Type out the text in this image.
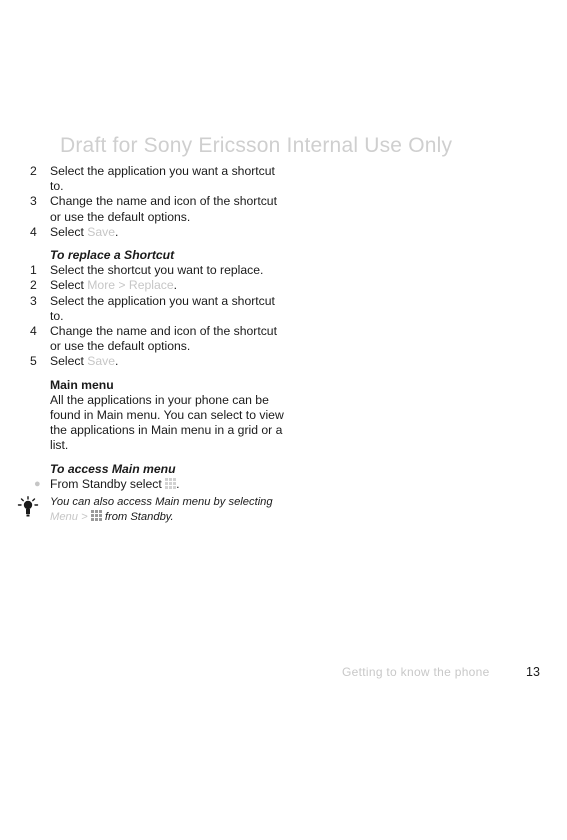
Draft for Sony Ericsson Internal Use Only
2 Select the application you want a shortcut to.
3 Change the name and icon of the shortcut or use the default options.
4 Select Save.
To replace a Shortcut
1 Select the shortcut you want to replace.
2 Select More > Replace.
3 Select the application you want a shortcut to.
4 Change the name and icon of the shortcut or use the default options.
5 Select Save.
Main menu
All the applications in your phone can be found in Main menu. You can select to view the applications in Main menu in a grid or a list.
To access Main menu
● From Standby select .
You can also access Main menu by selecting Menu >  from Standby.
Getting to know the phone	13
